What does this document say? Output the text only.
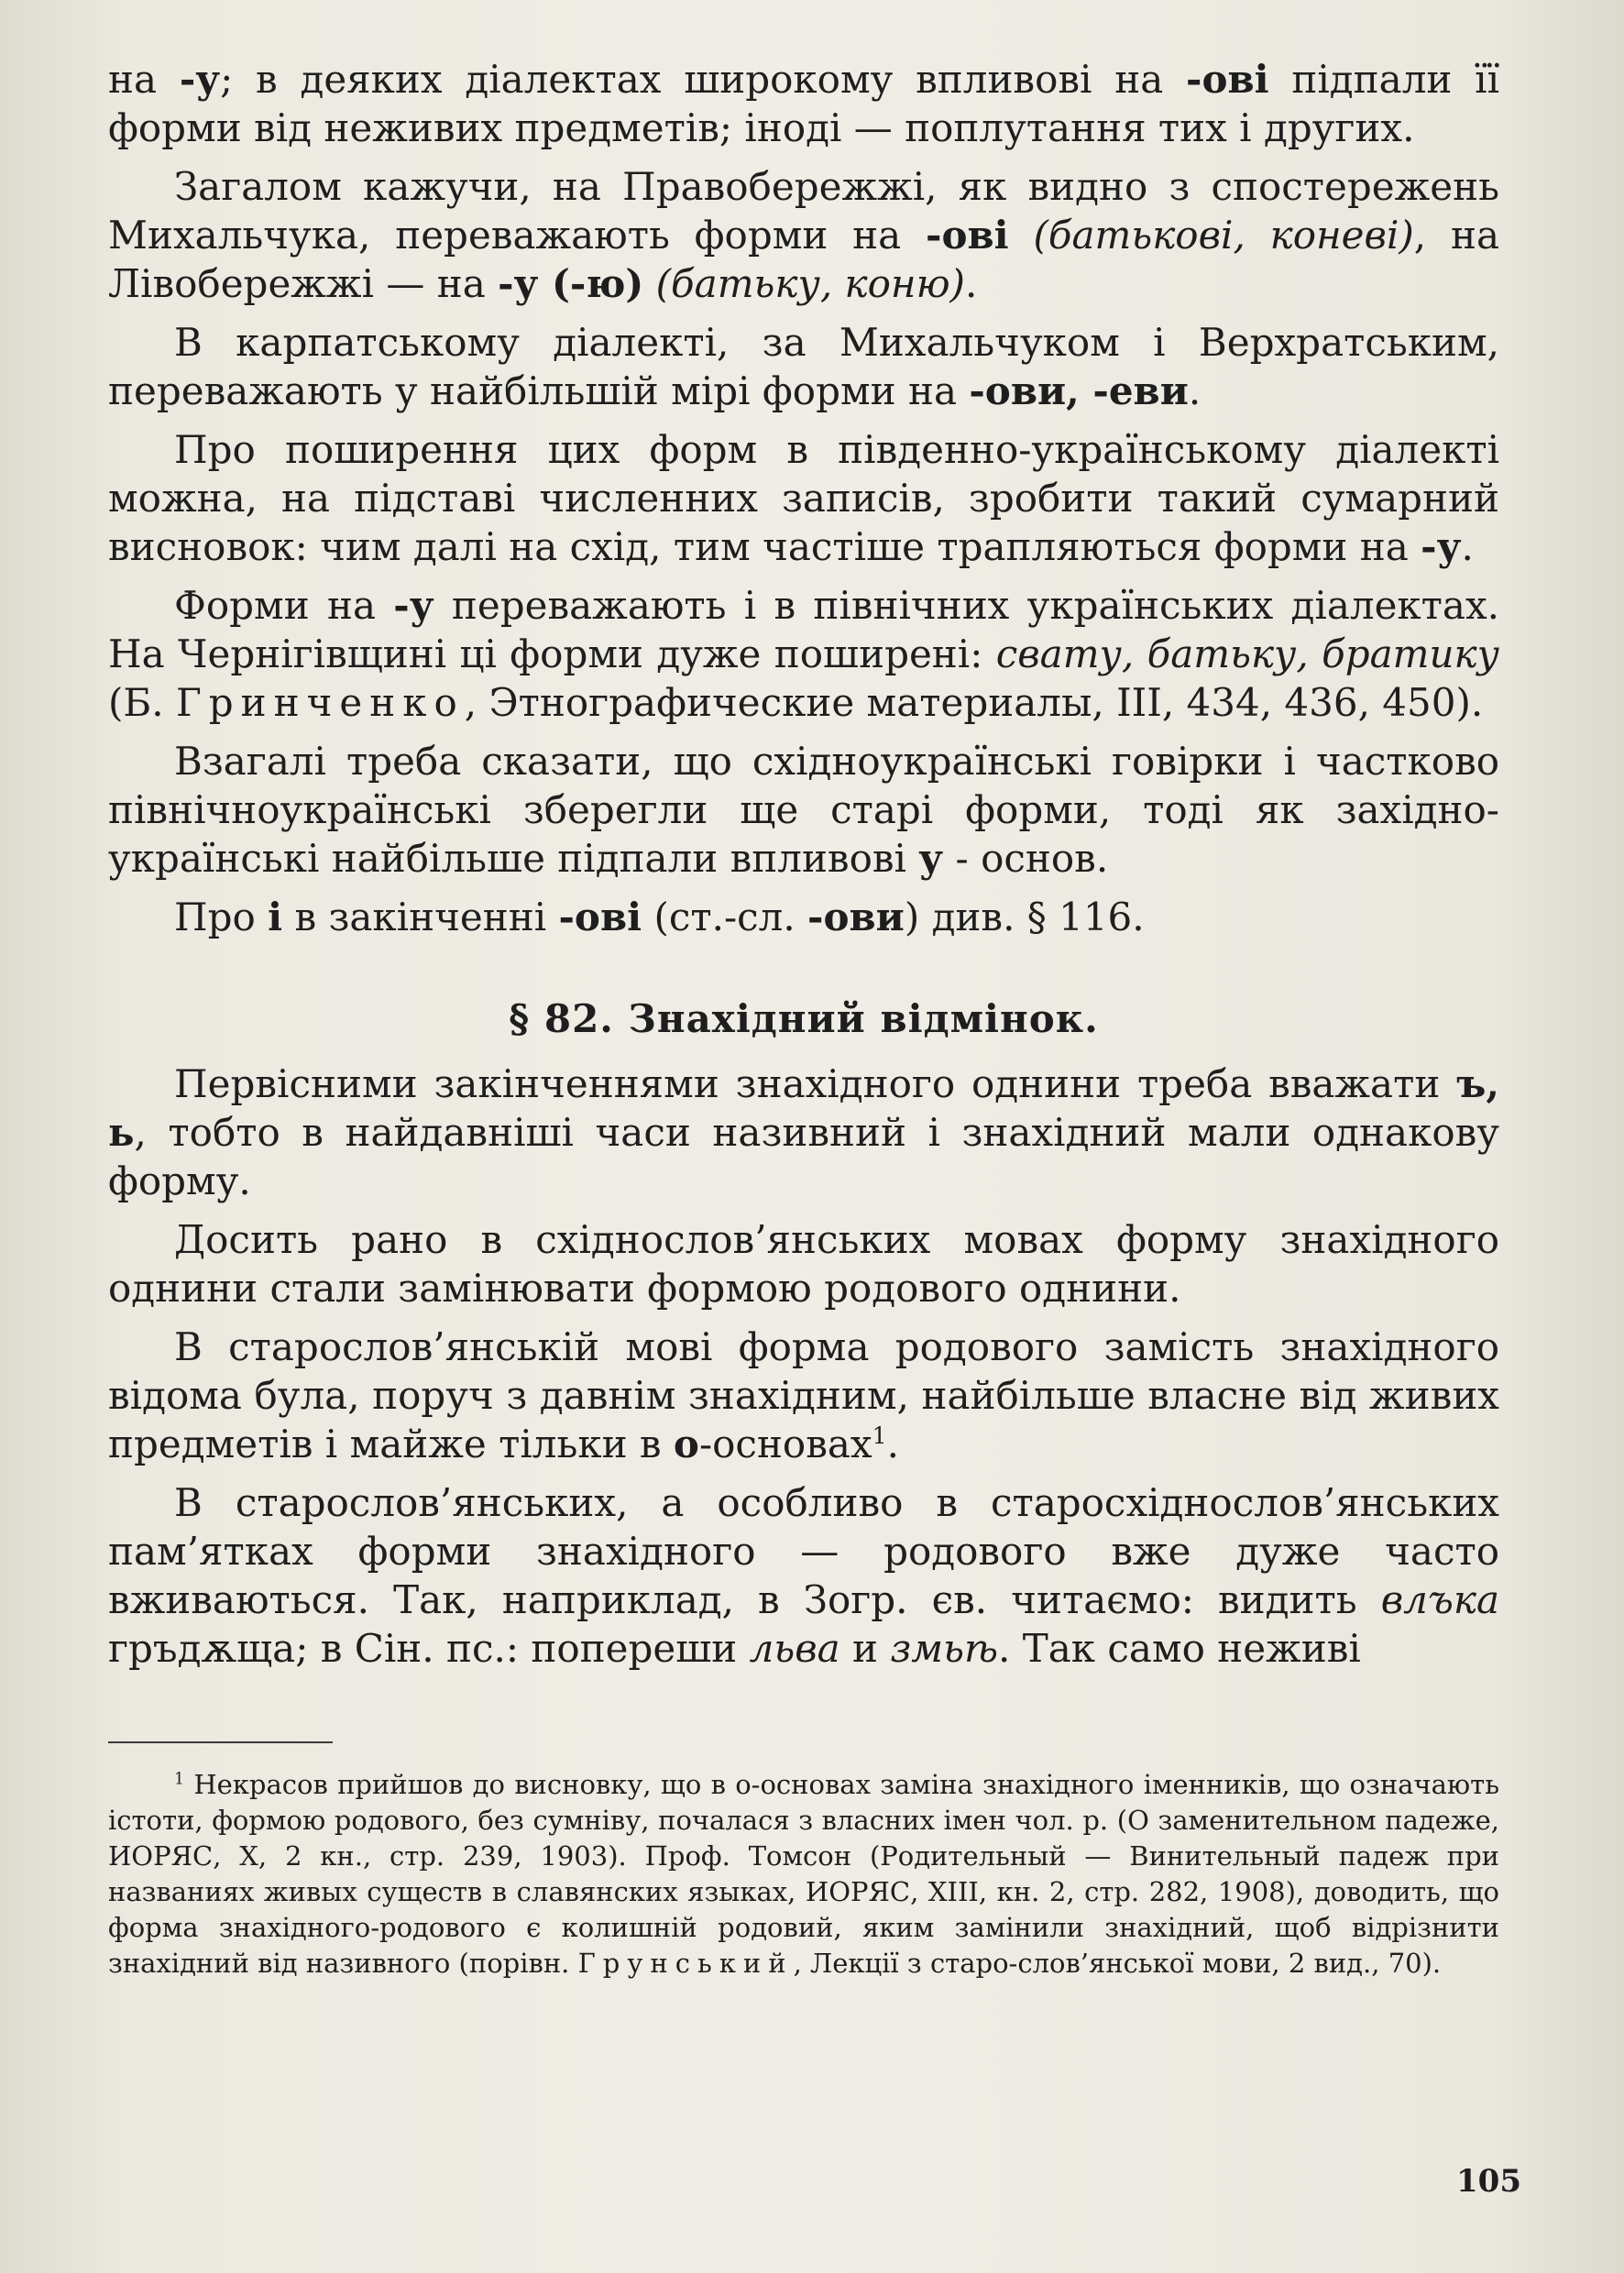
на -у; в деяких діалектах широкому впливові на -ові підпали її форми від неживих предметів; іноді — поплутання тих і других.

Загалом кажучи, на Правобережжі, як видно з спостережень Михальчука, переважають форми на -ові (батькові, коневі), на Лівобережжі — на -у (-ю) (батьку, коню).

В карпатському діалекті, за Михальчуком і Верхратським, переважають у найбільшій мірі форми на -ови, -еви.

Про поширення цих форм в південно-українському діалекті можна, на підставі численних записів, зробити такий сумарний висновок: чим далі на схід, тим частіше трапляються форми на -у.

Форми на -у переважають і в північних українських діалектах. На Чернігівщині ці форми дуже поширені: свату, батьку, братику (Б. Гринченко, Этнографические материалы, III, 434, 436, 450).

Взагалі треба сказати, що східноукраїнські говірки і частково північноукраїнські зберегли ще старі форми, тоді як західно-українські найбільше підпали впливові у - основ.

Про і в закінченні -ові (ст.-сл. -ови) див. § 116.

§ 82. Знахідний відмінок.

Первісними закінченнями знахідного однини треба вважати ъ, ь, тобто в найдавніші часи називний і знахідний мали однакову форму.

Досить рано в східнослов’янських мовах форму знахідного однини стали замінювати формою родового однини.

В старослов’янській мові форма родового замість знахідного відома була, поруч з давнім знахідним, найбільше власне від живих предметів і майже тільки в о-основах$^1$.

В старослов’янських, а особливо в старосхіднослов’янських пам’ятках форми знахідного — родового вже дуже часто вживаються. Так, наприклад, в Зогр. єв. читаємо: видить влъка гръдѫща; в Сін. пс.: попереши льва и змьѣ. Так само неживі

$^1$ Некрасов прийшов до висновку, що в о-основах заміна знахідного іменників, що означають істоти, формою родового, без сумніву, почалася з власних імен чол. р. (О заменительном падеже, ИОРЯС, X, 2 кн., стр. 239, 1903). Проф. Томсон (Родительный — Винительный падеж при названиях живых существ в славянских языках, ИОРЯС, XIII, кн. 2, стр. 282, 1908), доводить, що форма знахідного-родового є колишній родовий, яким замінили знахідний, щоб відрізнити знахідний від називного (порівн. Грунський, Лекції з старо-слов’янської мови, 2 вид., 70).

105
